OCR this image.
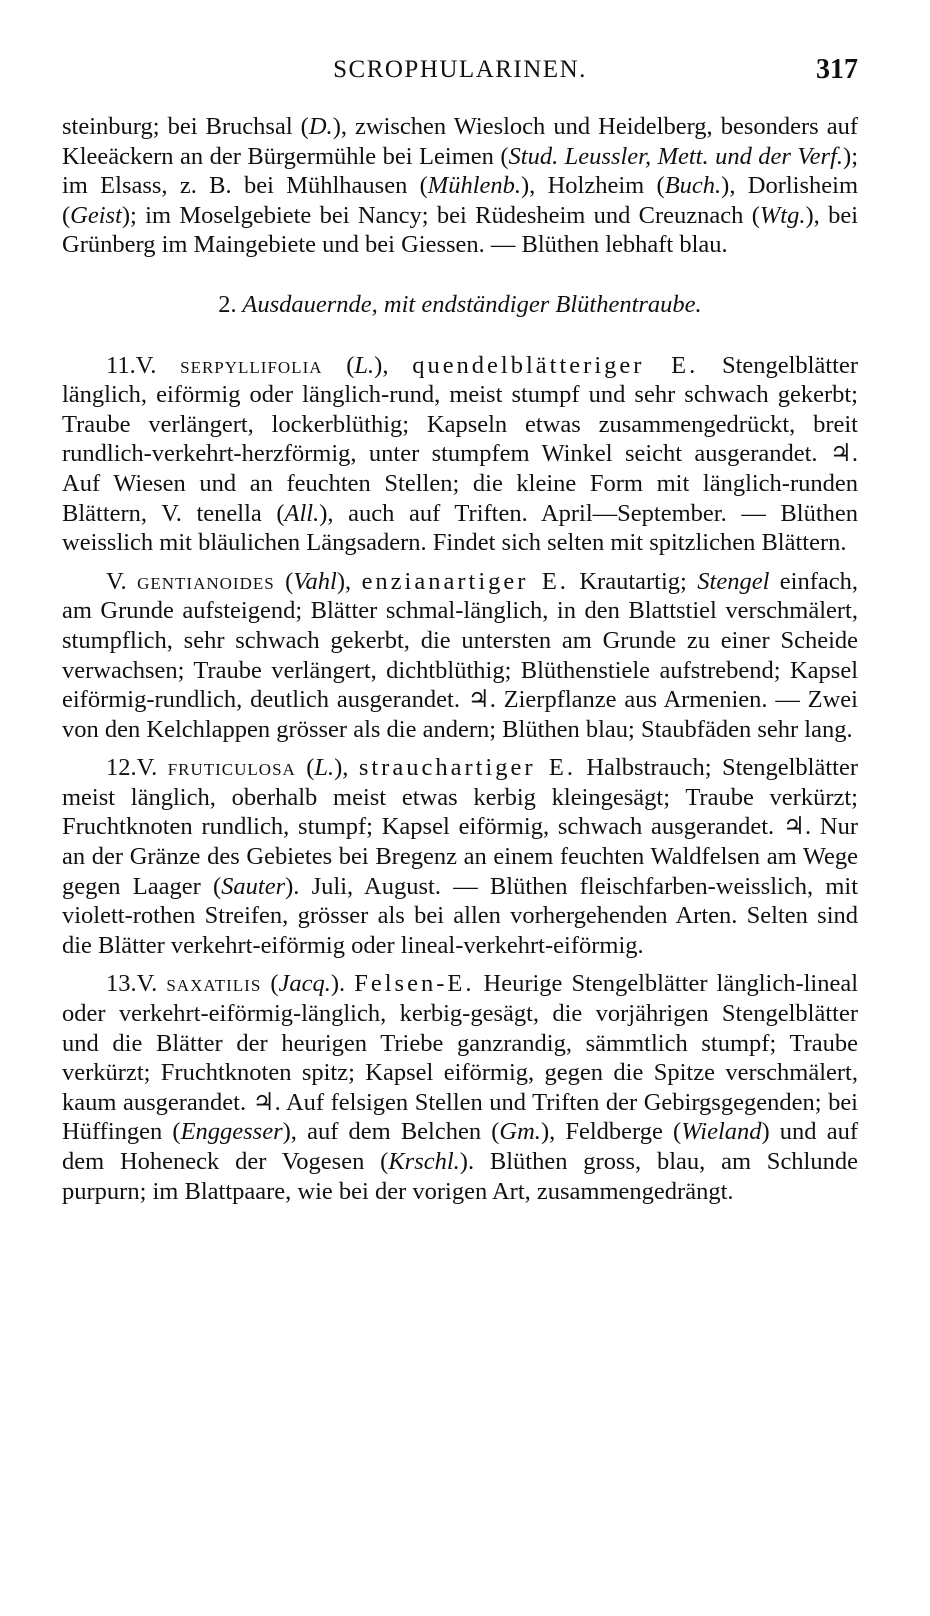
SCROPHULARINEN.	317

steinburg; bei Bruchsal (D.), zwischen Wiesloch und Heidelberg, besonders auf Kleeäckern an der Bürgermühle bei Leimen (Stud. Leussler, Mett. und der Verf.); im Elsass, z. B. bei Mühlhausen (Mühlenb.), Holzheim (Buch.), Dorlisheim (Geist); im Moselgebiete bei Nancy; bei Rüdesheim und Creuznach (Wtg.), bei Grünberg im Maingebiete und bei Giessen. — Blüthen lebhaft blau.

2. Ausdauernde, mit endständiger Blüthentraube.

11.V. serpyllifolia (L.), quendelblätteriger E. Stengelblätter länglich, eiförmig oder länglich-rund, meist stumpf und sehr schwach gekerbt; Traube verlängert, lockerblüthig; Kapseln etwas zusammengedrückt, breit rundlich-verkehrt-herzförmig, unter stumpfem Winkel seicht ausgerandet. ♃. Auf Wiesen und an feuchten Stellen; die kleine Form mit länglich-runden Blättern, V. tenella (All.), auch auf Triften. April—September. — Blüthen weisslich mit bläulichen Längsadern. Findet sich selten mit spitzlichen Blättern.

V. gentianoides (Vahl), enzianartiger E. Krautartig; Stengel einfach, am Grunde aufsteigend; Blätter schmal-länglich, in den Blattstiel verschmälert, stumpflich, sehr schwach gekerbt, die untersten am Grunde zu einer Scheide verwachsen; Traube verlängert, dichtblüthig; Blüthenstiele aufstrebend; Kapsel eiförmig-rundlich, deutlich ausgerandet. ♃. Zierpflanze aus Armenien. — Zwei von den Kelchlappen grösser als die andern; Blüthen blau; Staubfäden sehr lang.

12.V. fruticulosa (L.), strauchartiger E. Halbstrauch; Stengelblätter meist länglich, oberhalb meist etwas kerbig kleingesägt; Traube verkürzt; Fruchtknoten rundlich, stumpf; Kapsel eiförmig, schwach ausgerandet. ♃. Nur an der Gränze des Gebietes bei Bregenz an einem feuchten Waldfelsen am Wege gegen Laager (Sauter). Juli, August. — Blüthen fleischfarben-weisslich, mit violett-rothen Streifen, grösser als bei allen vorhergehenden Arten. Selten sind die Blätter verkehrt-eiförmig oder lineal-verkehrt-eiförmig.

13.V. saxatilis (Jacq.). Felsen-E. Heurige Stengelblätter länglich-lineal oder verkehrt-eiförmig-länglich, kerbig-gesägt, die vorjährigen Stengelblätter und die Blätter der heurigen Triebe ganzrandig, sämmtlich stumpf; Traube verkürzt; Fruchtknoten spitz; Kapsel eiförmig, gegen die Spitze verschmälert, kaum ausgerandet. ♃. Auf felsigen Stellen und Triften der Gebirgsgegenden; bei Hüffingen (Enggesser), auf dem Belchen (Gm.), Feldberge (Wieland) und auf dem Hoheneck der Vogesen (Krschl.). Blüthen gross, blau, am Schlunde purpurn; im Blattpaare, wie bei der vorigen Art, zusammengedrängt.
